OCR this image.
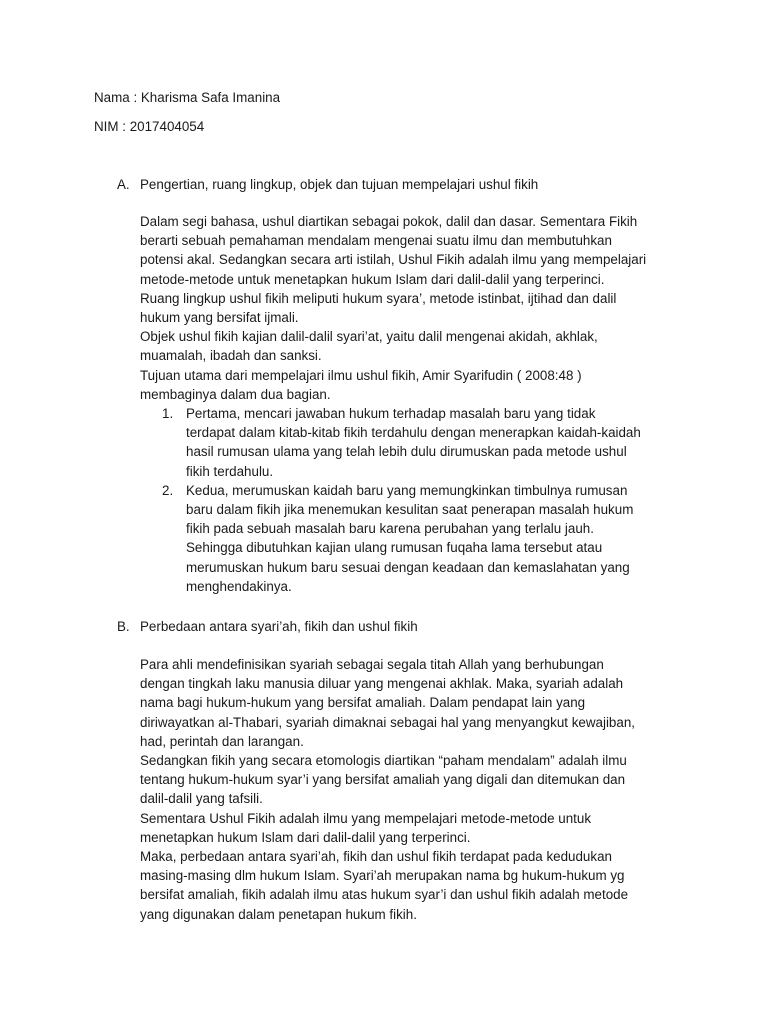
Nama : Kharisma Safa Imanina
NIM : 2017404054
A. Pengertian, ruang lingkup, objek dan tujuan mempelajari ushul fikih

Dalam segi bahasa, ushul diartikan sebagai pokok, dalil dan dasar. Sementara Fikih

berarti sebuah pemahaman mendalam mengenai suatu ilmu dan membutuhkan

potensi akal. Sedangkan secara arti istilah, Ushul Fikih adalah ilmu yang mempelajari

metode-metode untuk menetapkan hukum Islam dari dalil-dalil yang terperinci.

Ruang lingkup ushul fikih meliputi hukum syara’, metode istinbat, ijtihad dan dalil

hukum yang bersifat ijmali.

Objek ushul fikih kajian dalil-dalil syari’at, yaitu dalil mengenai akidah, akhlak,

muamalah, ibadah dan sanksi.

Tujuan utama dari mempelajari ilmu ushul fikih, Amir Syarifudin ( 2008:48 )

membaginya dalam dua bagian.

1. Pertama, mencari jawaban hukum terhadap masalah baru yang tidak
terdapat dalam kitab-kitab fikih terdahulu dengan menerapkan kaidah-kaidah
hasil rumusan ulama yang telah lebih dulu dirumuskan pada metode ushul
fikih terdahulu.
2. Kedua, merumuskan kaidah baru yang memungkinkan timbulnya rumusan
baru dalam fikih jika menemukan kesulitan saat penerapan masalah hukum
fikih pada sebuah masalah baru karena perubahan yang terlalu jauh.
Sehingga dibutuhkan kajian ulang rumusan fuqaha lama tersebut atau
merumuskan hukum baru sesuai dengan keadaan dan kemaslahatan yang
menghendakinya.
B. Perbedaan antara syari’ah, fikih dan ushul fikih

Para ahli mendefinisikan syariah sebagai segala titah Allah yang berhubungan

dengan tingkah laku manusia diluar yang mengenai akhlak. Maka, syariah adalah

nama bagi hukum-hukum yang bersifat amaliah. Dalam pendapat lain yang

diriwayatkan al-Thabari, syariah dimaknai sebagai hal yang menyangkut kewajiban,

had, perintah dan larangan.

Sedangkan fikih yang secara etomologis diartikan “paham mendalam” adalah ilmu

tentang hukum-hukum syar’i yang bersifat amaliah yang digali dan ditemukan dan

dalil-dalil yang tafsili.

Sementara Ushul Fikih adalah ilmu yang mempelajari metode-metode untuk

menetapkan hukum Islam dari dalil-dalil yang terperinci.

Maka, perbedaan antara syari’ah, fikih dan ushul fikih terdapat pada kedudukan

masing-masing dlm hukum Islam. Syari’ah merupakan nama bg hukum-hukum yg

bersifat amaliah, fikih adalah ilmu atas hukum syar’i dan ushul fikih adalah metode

yang digunakan dalam penetapan hukum fikih.
